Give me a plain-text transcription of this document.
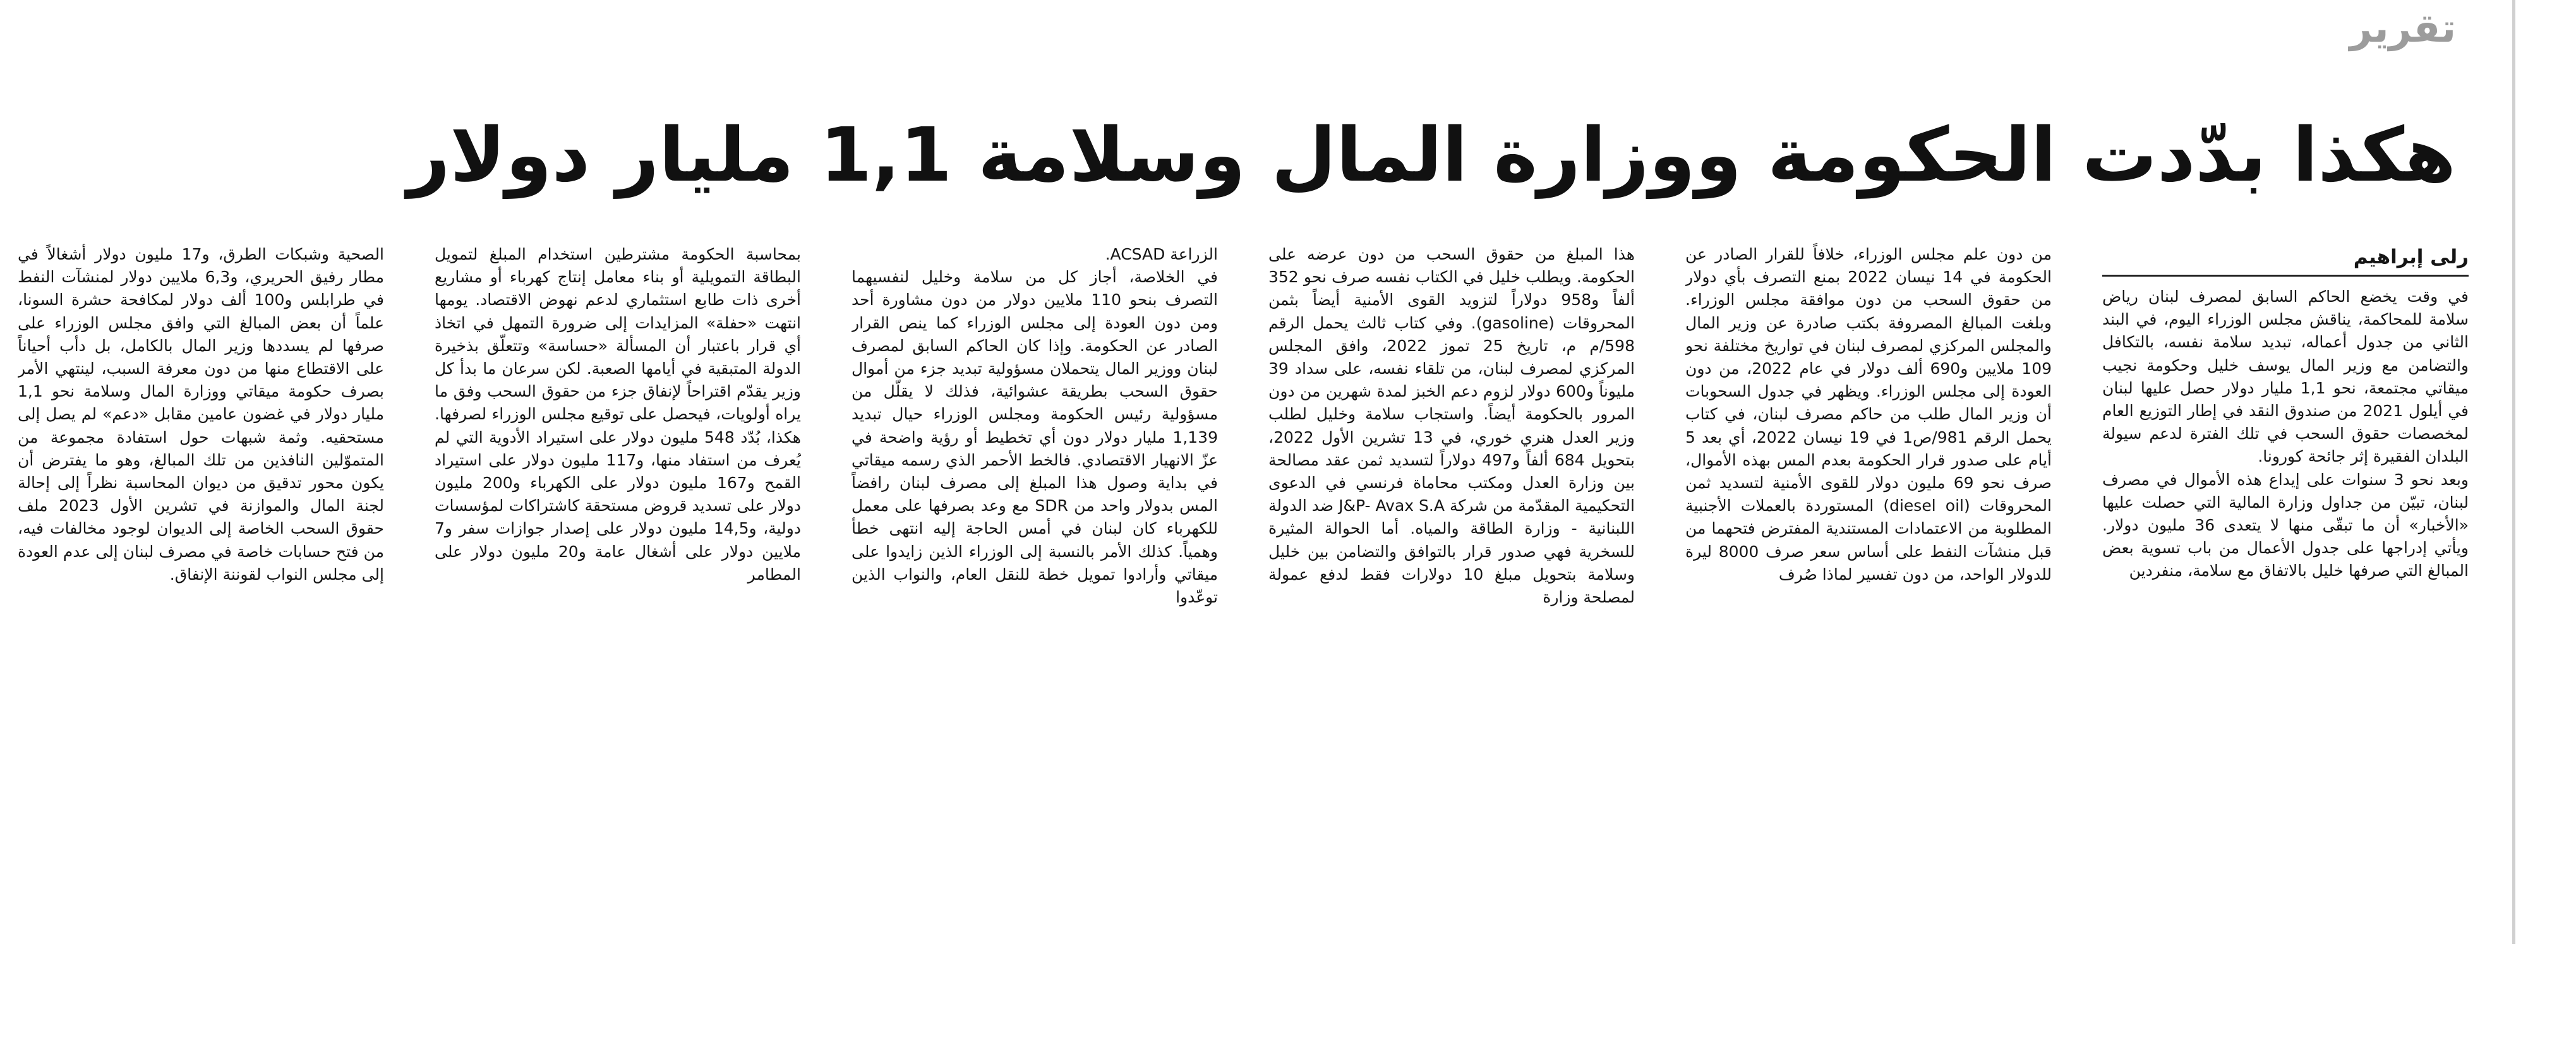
تقرير
هكذا بدّدت الحكومة ووزارة المال وسلامة 1,1 مليار دولار
رلى إبراهيم

في وقت يخضع الحاكم السابق لمصرف لبنان رياض سلامة للمحاكمة، يناقش مجلس الوزراء اليوم، في البند الثاني من جدول أعماله، تبديد سلامة نفسه، بالتكافل والتضامن مع وزير المال يوسف خليل وحكومة نجيب ميقاتي مجتمعة، نحو 1,1 مليار دولار حصل عليها لبنان في أيلول 2021 من صندوق النقد في إطار التوزيع العام لمخصصات حقوق السحب في تلك الفترة لدعم سيولة البلدان الفقيرة إثر جائحة كورونا.

وبعد نحو 3 سنوات على إيداع هذه الأموال في مصرف لبنان، تبيّن من جداول وزارة المالية التي حصلت عليها «الأخبار» أن ما تبقّى منها لا يتعدى 36 مليون دولار. ويأتي إدراجها على جدول الأعمال من باب تسوية بعض المبالغ التي صرفها خليل بالاتفاق مع سلامة، منفردين

من دون علم مجلس الوزراء، خلافاً للقرار الصادر عن الحكومة في 14 نيسان 2022 بمنع التصرف بأي دولار من حقوق السحب من دون موافقة مجلس الوزراء. وبلغت المبالغ المصروفة بكتب صادرة عن وزير المال والمجلس المركزي لمصرف لبنان في تواريخ مختلفة نحو 109 ملايين و690 ألف دولار في عام 2022، من دون العودة إلى مجلس الوزراء. ويظهر في جدول السحوبات أن وزير المال طلب من حاكم مصرف لبنان، في كتاب يحمل الرقم 981/ص1 في 19 نيسان 2022، أي بعد 5 أيام على صدور قرار الحكومة بعدم المس بهذه الأموال، صرف نحو 69 مليون دولار للقوى الأمنية لتسديد ثمن المحروقات (diesel oil) المستوردة بالعملات الأجنبية المطلوبة من الاعتمادات المستندية المفترض فتحهما من قبل منشآت النفط على أساس سعر صرف 8000 ليرة للدولار الواحد، من دون تفسير لماذا صُرف

هذا المبلغ من حقوق السحب من دون عرضه على الحكومة. ويطلب خليل في الكتاب نفسه صرف نحو 352 ألفاً و958 دولاراً لتزويد القوى الأمنية أيضاً بثمن المحروقات (gasoline). وفي كتاب ثالث يحمل الرقم 598/م م، تاريخ 25 تموز 2022، وافق المجلس المركزي لمصرف لبنان، من تلقاء نفسه، على سداد 39 مليوناً و600 دولار لزوم دعم الخبز لمدة شهرين من دون المرور بالحكومة أيضاً. واستجاب سلامة وخليل لطلب وزير العدل هنري خوري، في 13 تشرين الأول 2022، بتحويل 684 ألفاً و497 دولاراً لتسديد ثمن عقد مصالحة بين وزارة العدل ومكتب محاماة فرنسي في الدعوى التحكيمية المقدّمة من شركة J&P- Avax S.A ضد الدولة اللبنانية - وزارة الطاقة والمياه. أما الحوالة المثيرة للسخرية فهي صدور قرار بالتوافق والتضامن بين خليل وسلامة بتحويل مبلغ 10 دولارات فقط لدفع عمولة لمصلحة وزارة

الزراعة ACSAD.

في الخلاصة، أجاز كل من سلامة وخليل لنفسيهما التصرف بنحو 110 ملايين دولار من دون مشاورة أحد ومن دون العودة إلى مجلس الوزراء كما ينص القرار الصادر عن الحكومة. وإذا كان الحاكم السابق لمصرف لبنان ووزير المال يتحملان مسؤولية تبديد جزء من أموال حقوق السحب بطريقة عشوائية، فذلك لا يقلّل من مسؤولية رئيس الحكومة ومجلس الوزراء حيال تبديد 1,139 مليار دولار دون أي تخطيط أو رؤية واضحة في عزّ الانهيار الاقتصادي. فالخط الأحمر الذي رسمه ميقاتي في بداية وصول هذا المبلغ إلى مصرف لبنان رافضاً المس بدولار واحد من SDR مع وعد بصرفها على معمل للكهرباء كان لبنان في أمس الحاجة إليه انتهى خطأ وهمياً. كذلك الأمر بالنسبة إلى الوزراء الذين زايدوا على ميقاتي وأرادوا تمويل خطة للنقل العام، والنواب الذين توعّدوا

بمحاسبة الحكومة مشترطين استخدام المبلغ لتمويل البطاقة التمويلية أو بناء معامل إنتاج كهرباء أو مشاريع أخرى ذات طابع استثماري لدعم نهوض الاقتصاد. يومها انتهت «حفلة» المزايدات إلى ضرورة التمهل في اتخاذ أي قرار باعتبار أن المسألة «حساسة» وتتعلّق بذخيرة الدولة المتبقية في أيامها الصعبة. لكن سرعان ما بدأ كل وزير يقدّم اقتراحاً لإنفاق جزء من حقوق السحب وفق ما يراه أولويات، فيحصل على توقيع مجلس الوزراء لصرفها. هكذا، بُدّد 548 مليون دولار على استيراد الأدوية التي لم يُعرف من استفاد منها، و117 مليون دولار على استيراد القمح و167 مليون دولار على الكهرباء و200 مليون دولار على تسديد قروض مستحقة كاشتراكات لمؤسسات دولية، و14,5 مليون دولار على إصدار جوازات سفر و7 ملايين دولار على أشغال عامة و20 مليون دولار على المطامر

الصحية وشبكات الطرق، و17 مليون دولار أشغالاً في مطار رفيق الحريري، و6,3 ملايين دولار لمنشآت النفط في طرابلس و100 ألف دولار لمكافحة حشرة السونا، علماً أن بعض المبالغ التي وافق مجلس الوزراء على صرفها لم يسددها وزير المال بالكامل، بل دأب أحياناً على الاقتطاع منها من دون معرفة السبب، لينتهي الأمر بصرف حكومة ميقاتي ووزارة المال وسلامة نحو 1,1 مليار دولار في غضون عامين مقابل «دعم» لم يصل إلى مستحقيه. وثمة شبهات حول استفادة مجموعة من المتموّلين النافذين من تلك المبالغ، وهو ما يفترض أن يكون محور تدقيق من ديوان المحاسبة نظراً إلى إحالة لجنة المال والموازنة في تشرين الأول 2023 ملف حقوق السحب الخاصة إلى الديوان لوجود مخالفات فيه، من فتح حسابات خاصة في مصرف لبنان إلى عدم العودة إلى مجلس النواب لقوننة الإنفاق.
